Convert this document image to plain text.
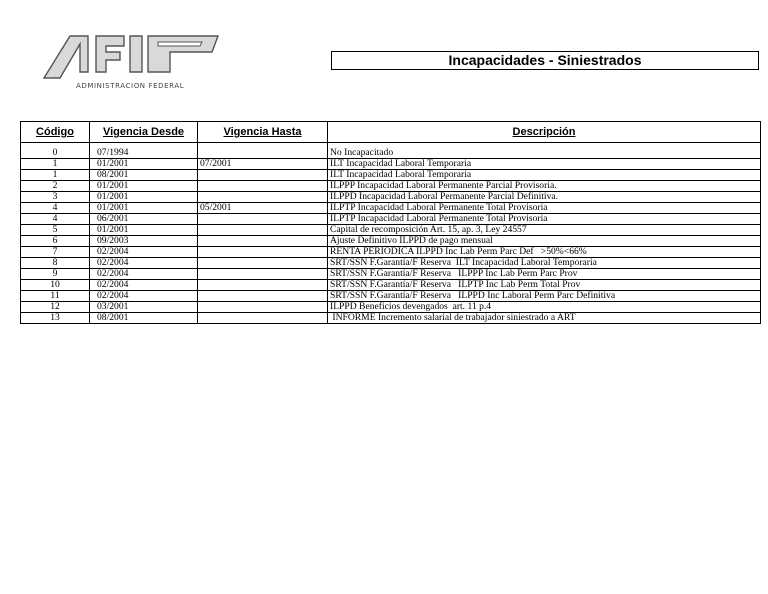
ADMINISTRACION FEDERAL
Incapacidades - Siniestrados
Código	Vigencia Desde	Vigencia Hasta	Descripción

0	07/1994		No Incapacitado
1	01/2001	07/2001	ILT Incapacidad Laboral Temporaria
1	08/2001		ILT Incapacidad Laboral Temporaria
2	01/2001		ILPPP Incapacidad Laboral Permanente Parcial Provisoria.
3	01/2001		ILPPD Incapacidad Laboral Permanente Parcial Definitiva.
4	01/2001	05/2001	ILPTP Incapacidad Laboral Permanente Total Provisoria
4	06/2001		ILPTP Incapacidad Laboral Permanente Total Provisoria
5	01/2001		Capital de recomposición Art. 15, ap. 3, Ley 24557
6	09/2003		Ajuste Definitivo ILPPD de pago mensual
7	02/2004		RENTA PERIODICA ILPPD Inc Lab Perm Parc Def   >50%<66%
8	02/2004		SRT/SSN F.Garantía/F Reserva  ILT Incapacidad Laboral Temporaria
9	02/2004		SRT/SSN F.Garantía/F Reserva   ILPPP Inc Lab Perm Parc Prov
10	02/2004		SRT/SSN F.Garantía/F Reserva   ILPTP Inc Lab Perm Total Prov
11	02/2004		SRT/SSN F.Garantía/F Reserva   ILPPD Inc Laboral Perm Parc Definitiva
12	03/2001		ILPPD Beneficios devengados  art. 11 p.4
13	08/2001		INFORME Incremento salarial de trabajador siniestrado a ART
